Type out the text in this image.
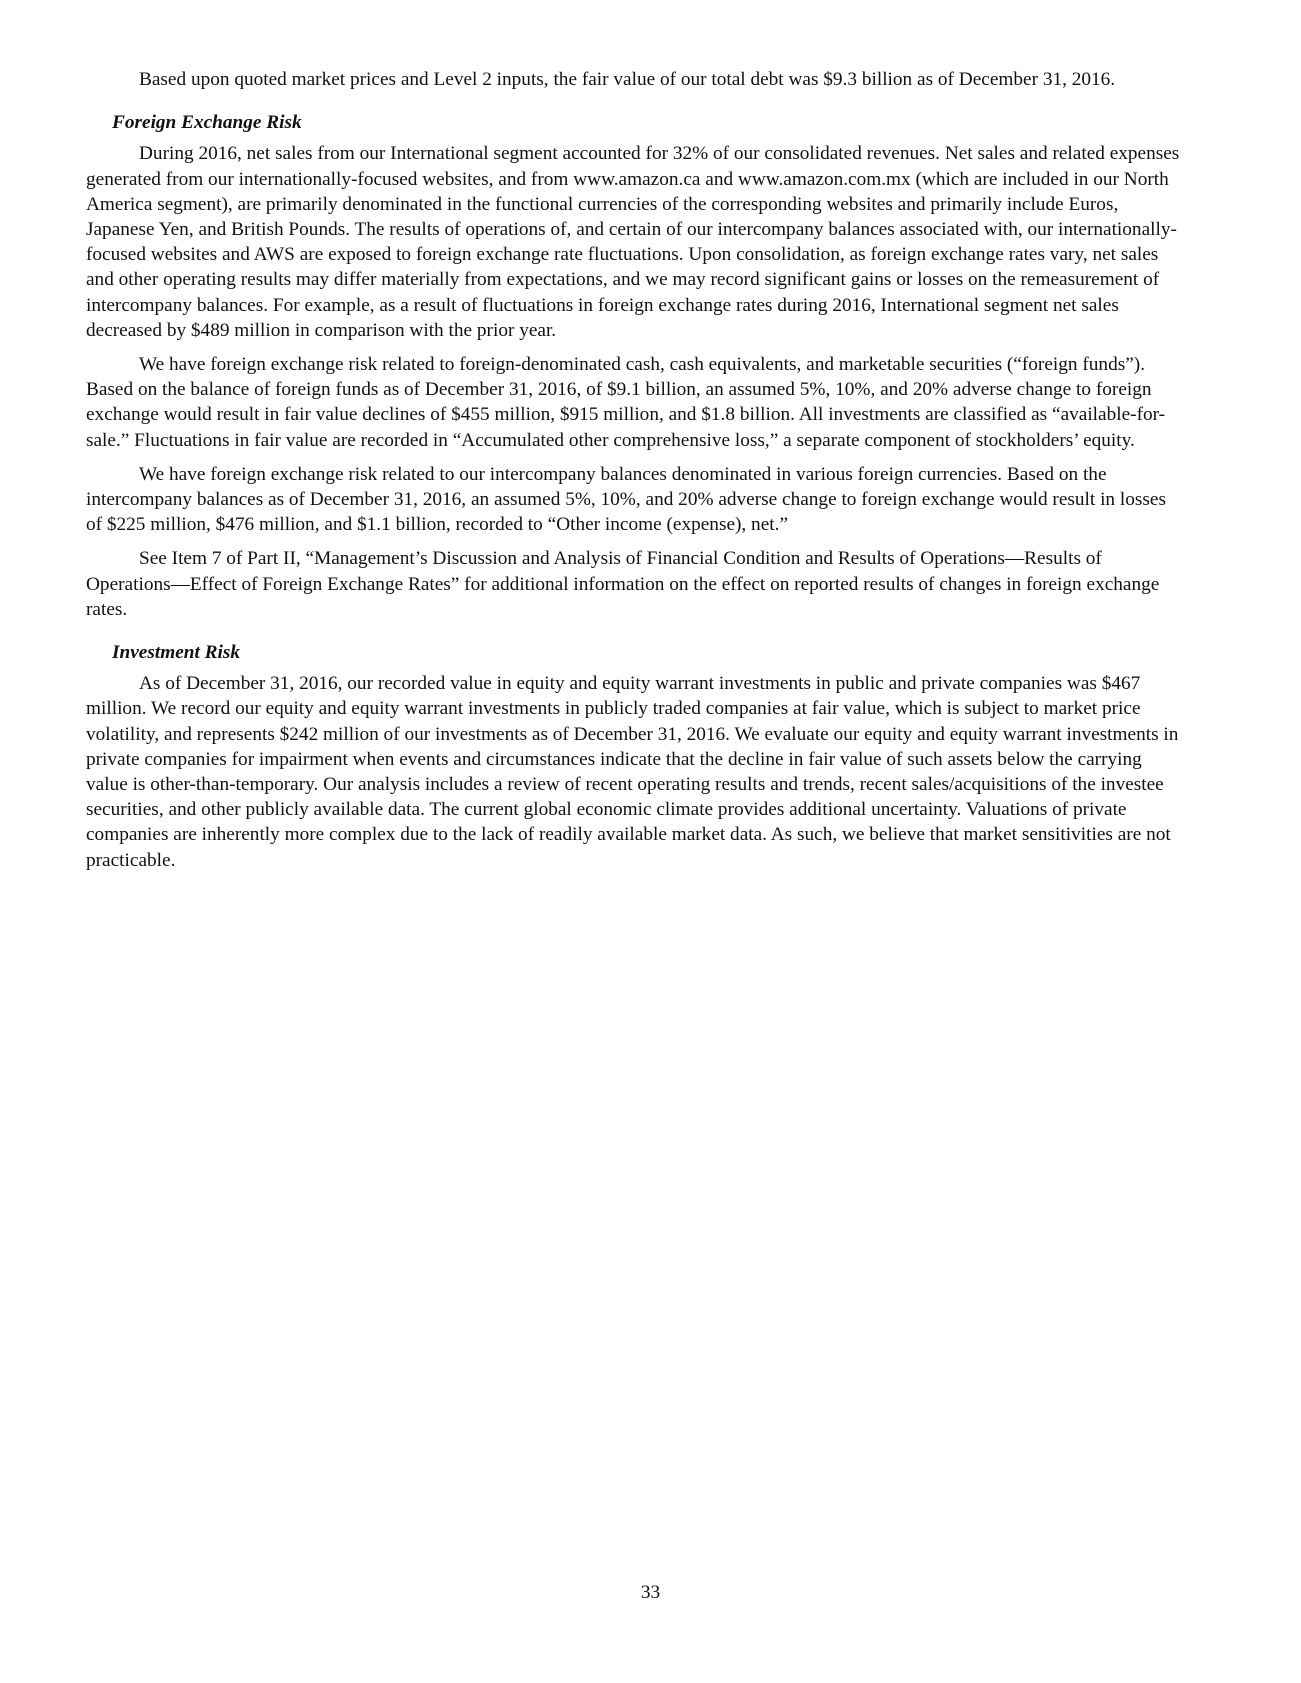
Based upon quoted market prices and Level 2 inputs, the fair value of our total debt was $9.3 billion as of December 31, 2016.

Foreign Exchange Risk

During 2016, net sales from our International segment accounted for 32% of our consolidated revenues. Net sales and related expenses generated from our internationally-focused websites, and from www.amazon.ca and www.amazon.com.mx (which are included in our North America segment), are primarily denominated in the functional currencies of the corresponding websites and primarily include Euros, Japanese Yen, and British Pounds. The results of operations of, and certain of our intercompany balances associated with, our internationally-focused websites and AWS are exposed to foreign exchange rate fluctuations. Upon consolidation, as foreign exchange rates vary, net sales and other operating results may differ materially from expectations, and we may record significant gains or losses on the remeasurement of intercompany balances. For example, as a result of fluctuations in foreign exchange rates during 2016, International segment net sales decreased by $489 million in comparison with the prior year.

We have foreign exchange risk related to foreign-denominated cash, cash equivalents, and marketable securities (“foreign funds”). Based on the balance of foreign funds as of December 31, 2016, of $9.1 billion, an assumed 5%, 10%, and 20% adverse change to foreign exchange would result in fair value declines of $455 million, $915 million, and $1.8 billion. All investments are classified as “available-for-sale.” Fluctuations in fair value are recorded in “Accumulated other comprehensive loss,” a separate component of stockholders’ equity.

We have foreign exchange risk related to our intercompany balances denominated in various foreign currencies. Based on the intercompany balances as of December 31, 2016, an assumed 5%, 10%, and 20% adverse change to foreign exchange would result in losses of $225 million, $476 million, and $1.1 billion, recorded to “Other income (expense), net.”

See Item 7 of Part II, “Management’s Discussion and Analysis of Financial Condition and Results of Operations—Results of Operations—Effect of Foreign Exchange Rates” for additional information on the effect on reported results of changes in foreign exchange rates.

Investment Risk

As of December 31, 2016, our recorded value in equity and equity warrant investments in public and private companies was $467 million. We record our equity and equity warrant investments in publicly traded companies at fair value, which is subject to market price volatility, and represents $242 million of our investments as of December 31, 2016. We evaluate our equity and equity warrant investments in private companies for impairment when events and circumstances indicate that the decline in fair value of such assets below the carrying value is other-than-temporary. Our analysis includes a review of recent operating results and trends, recent sales/acquisitions of the investee securities, and other publicly available data. The current global economic climate provides additional uncertainty. Valuations of private companies are inherently more complex due to the lack of readily available market data. As such, we believe that market sensitivities are not practicable.

33
